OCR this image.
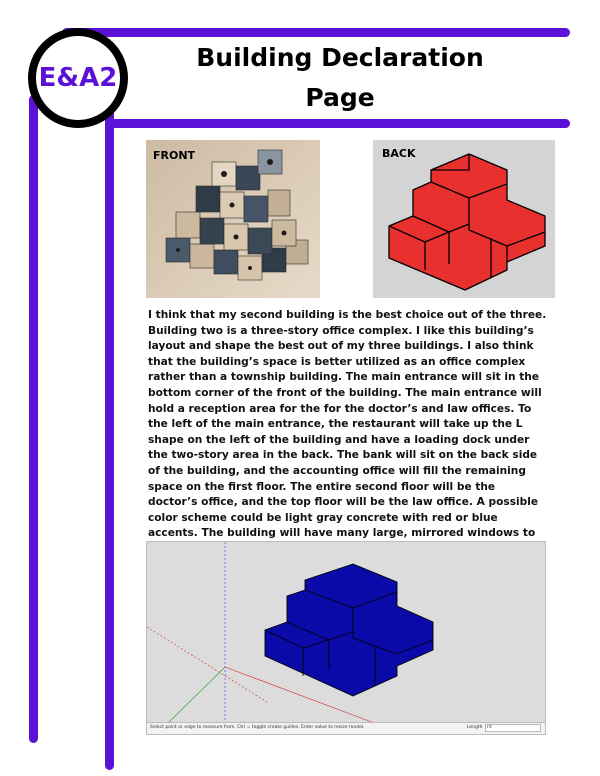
E&A2
Building Declaration
Page
FRONT	BACK
I think that my second building is the best choice out of the three. Building two is a three-story office complex. I like this building’s layout and shape the best out of my three buildings. I also think that the building’s space is better utilized as an office complex rather than a township building. The main entrance will sit in the bottom corner of the front of the building. The main entrance will hold a reception area for the for the doctor’s and law offices. To the left of the main entrance, the restaurant will take up the L shape on the left of the building and have a loading dock under the two-story area in the back. The bank will sit on the back side of the building, and the accounting office will fill the remaining space on the first floor. The entire second floor will be the doctor’s office, and the top floor will be the law office. A possible color scheme could be light gray concrete with red or blue accents. The building will have many large, mirrored windows to
Select point or edge to measure from. Ctrl = toggle create guides. Enter value to resize model.	Length rd
